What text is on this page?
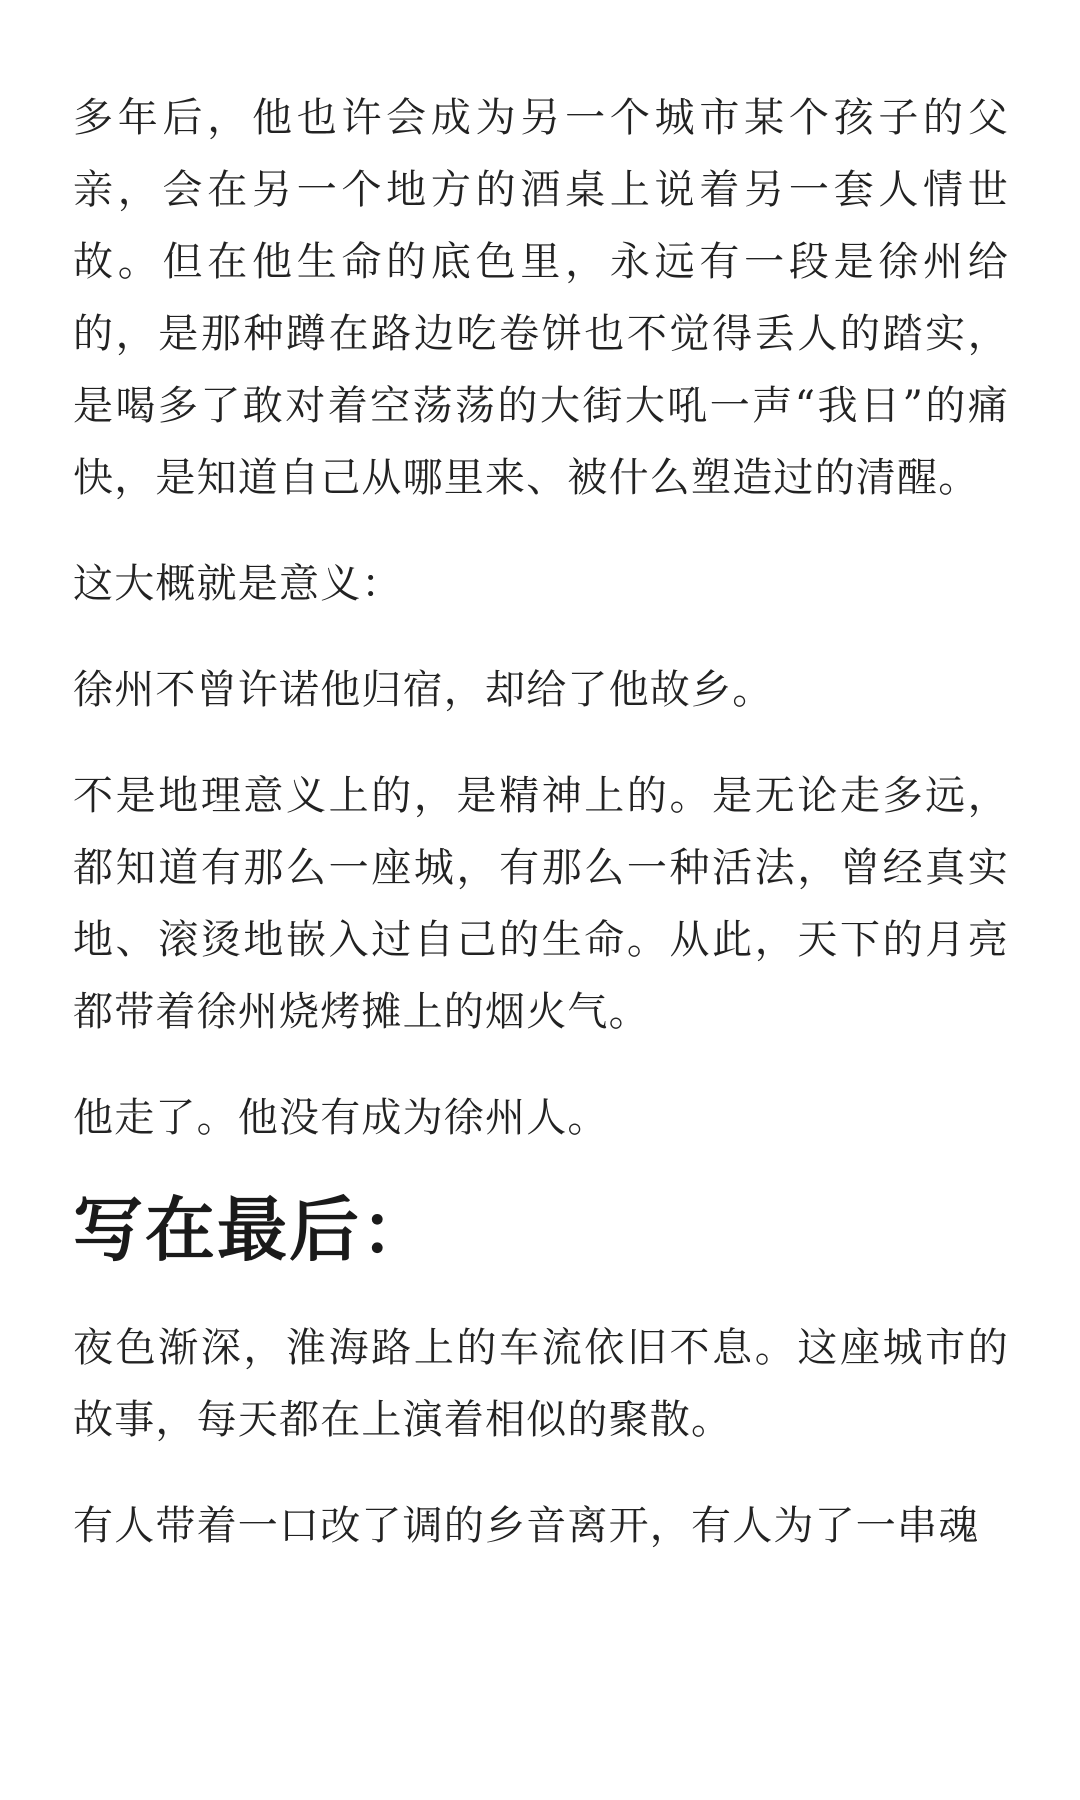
多年后，他也许会成为另一个城市某个孩子的父亲，会在另一个地方的酒桌上说着另一套人情世故。但在他生命的底色里，永远有一段是徐州给的，是那种蹲在路边吃卷饼也不觉得丢人的踏实，是喝多了敢对着空荡荡的大街大吼一声“我日”的痛快，是知道自己从哪里来、被什么塑造过的清醒。

这大概就是意义：

徐州不曾许诺他归宿，却给了他故乡。

不是地理意义上的，是精神上的。是无论走多远，都知道有那么一座城，有那么一种活法，曾经真实地、滚烫地嵌入过自己的生命。从此，天下的月亮都带着徐州烧烤摊上的烟火气。

他走了。他没有成为徐州人。

写在最后：

夜色渐深，淮海路上的车流依旧不息。这座城市的故事，每天都在上演着相似的聚散。

有人带着一口改了调的乡音离开，有人为了一串魂
